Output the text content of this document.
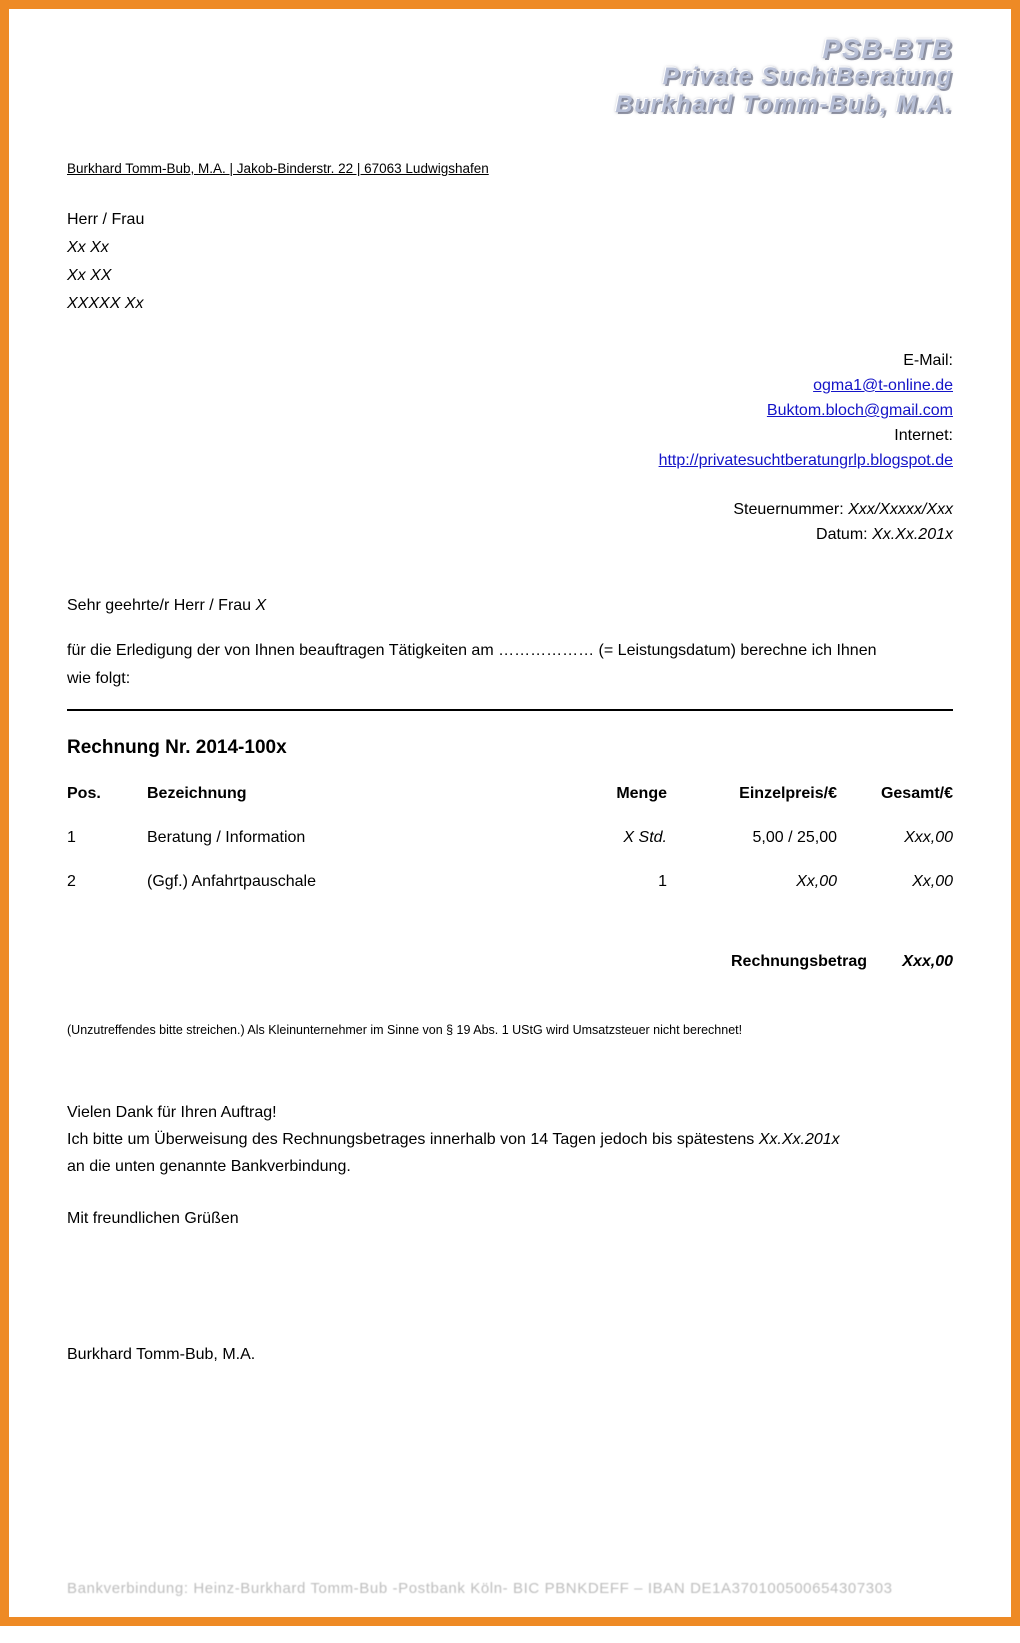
PSB-BTB
Private SuchtBeratung
Burkhard Tomm-Bub, M.A.
Burkhard Tomm-Bub, M.A. | Jakob-Binderstr. 22 | 67063 Ludwigshafen
Herr / Frau
Xx Xx
Xx XX
XXXXX Xx
E-Mail:
ogma1@t-online.de
Buktom.bloch@gmail.com
Internet:
http://privatesuchtberatungrlp.blogspot.de
Steuernummer: Xxx/Xxxxx/Xxx
Datum: Xx.Xx.201x
Sehr geehrte/r Herr / Frau X
für die Erledigung der von Ihnen beauftragen Tätigkeiten am ……………… (= Leistungsdatum) berechne ich Ihnen
wie folgt:
Rechnung Nr. 2014-100x
Pos.	Bezeichnung	Menge	Einzelpreis/€	Gesamt/€
1	Beratung / Information	X Std.	5,00 / 25,00	Xxx,00
2	(Ggf.) Anfahrtpauschale	1	Xx,00	Xx,00
Rechnungsbetrag	Xxx,00
(Unzutreffendes bitte streichen.) Als Kleinunternehmer im Sinne von § 19 Abs. 1 UStG wird Umsatzsteuer nicht berechnet!
Vielen Dank für Ihren Auftrag!
Ich bitte um Überweisung des Rechnungsbetrages innerhalb von 14 Tagen jedoch bis spätestens Xx.Xx.201x
an die unten genannte Bankverbindung.
Mit freundlichen Grüßen
Burkhard Tomm-Bub, M.A.
Bankverbindung: Heinz-Burkhard Tomm-Bub -Postbank Köln- BIC PBNKDEFF – IBAN DE1A370100500654307303
